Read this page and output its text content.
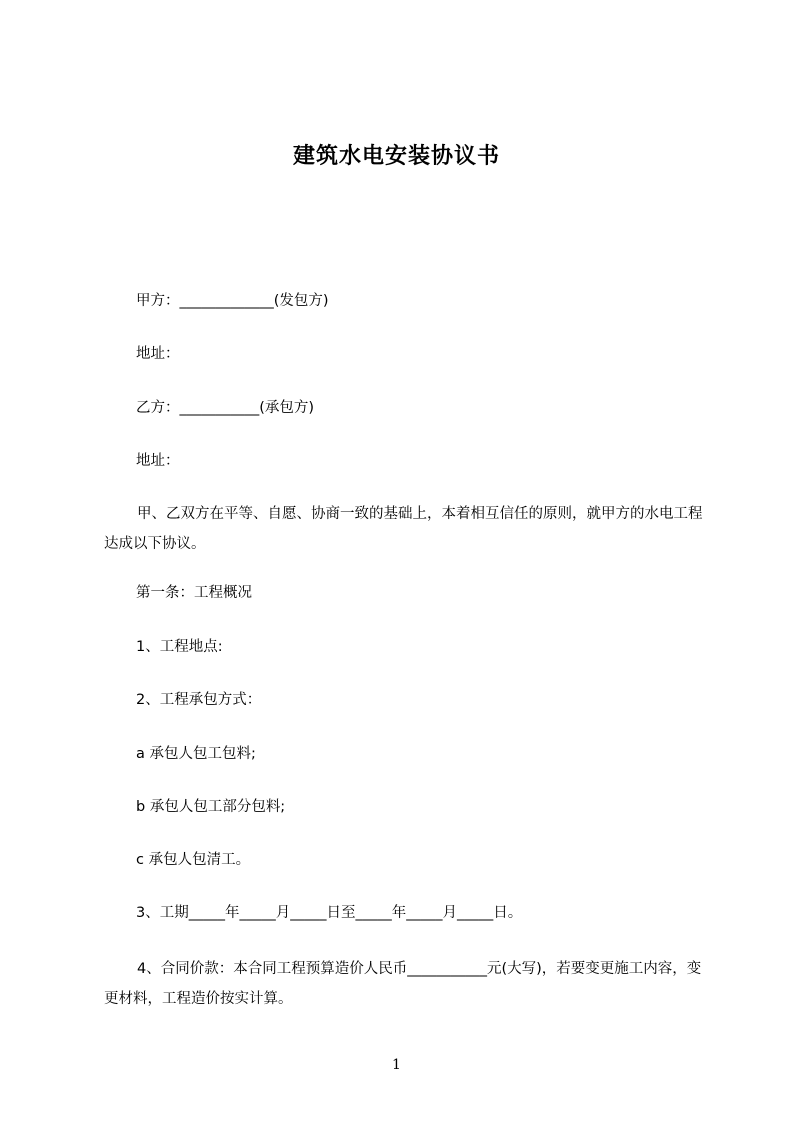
建筑水电安装协议书

甲方：_____________(发包方)

地址：

乙方：___________(承包方)

地址：

甲、乙双方在平等、自愿、协商一致的基础上，本着相互信任的原则，就甲方的水电工程达成以下协议。

第一条：工程概况

1、工程地点:

2、工程承包方式：

a 承包人包工包料;

b 承包人包工部分包料;

c 承包人包清工。

3、工期_____年_____月_____日至_____年_____月_____日。

4、合同价款：本合同工程预算造价人民币___________元(大写)，若要变更施工内容，变更材料，工程造价按实计算。

1
